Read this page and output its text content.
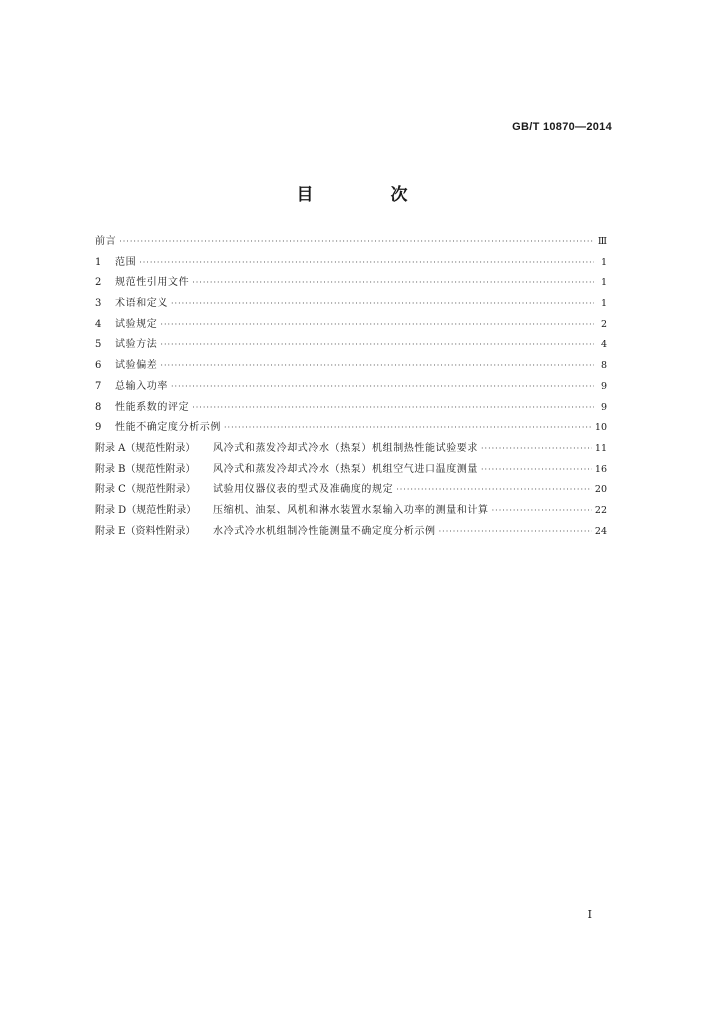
GB/T 10870—2014
目　次
前言 ·····	Ⅲ
1	范围 ·····	1
2	规范性引用文件 ·····	1
3	术语和定义 ·····	1
4	试验规定 ·····	2
5	试验方法 ·····	4
6	试验偏差 ·····	8
7	总输入功率 ·····	9
8	性能系数的评定 ·····	9
9	性能不确定度分析示例 ·····	10
附录 A（规范性附录）	风冷式和蒸发冷却式冷水（热泵）机组制热性能试验要求 ·····	11
附录 B（规范性附录）	风冷式和蒸发冷却式冷水（热泵）机组空气进口温度测量 ·····	16
附录 C（规范性附录）	试验用仪器仪表的型式及准确度的规定 ·····	20
附录 D（规范性附录）	压缩机、油泵、风机和淋水装置水泵输入功率的测量和计算 ·····	22
附录 E（资料性附录）	水冷式冷水机组制冷性能测量不确定度分析示例 ·····	24
I
